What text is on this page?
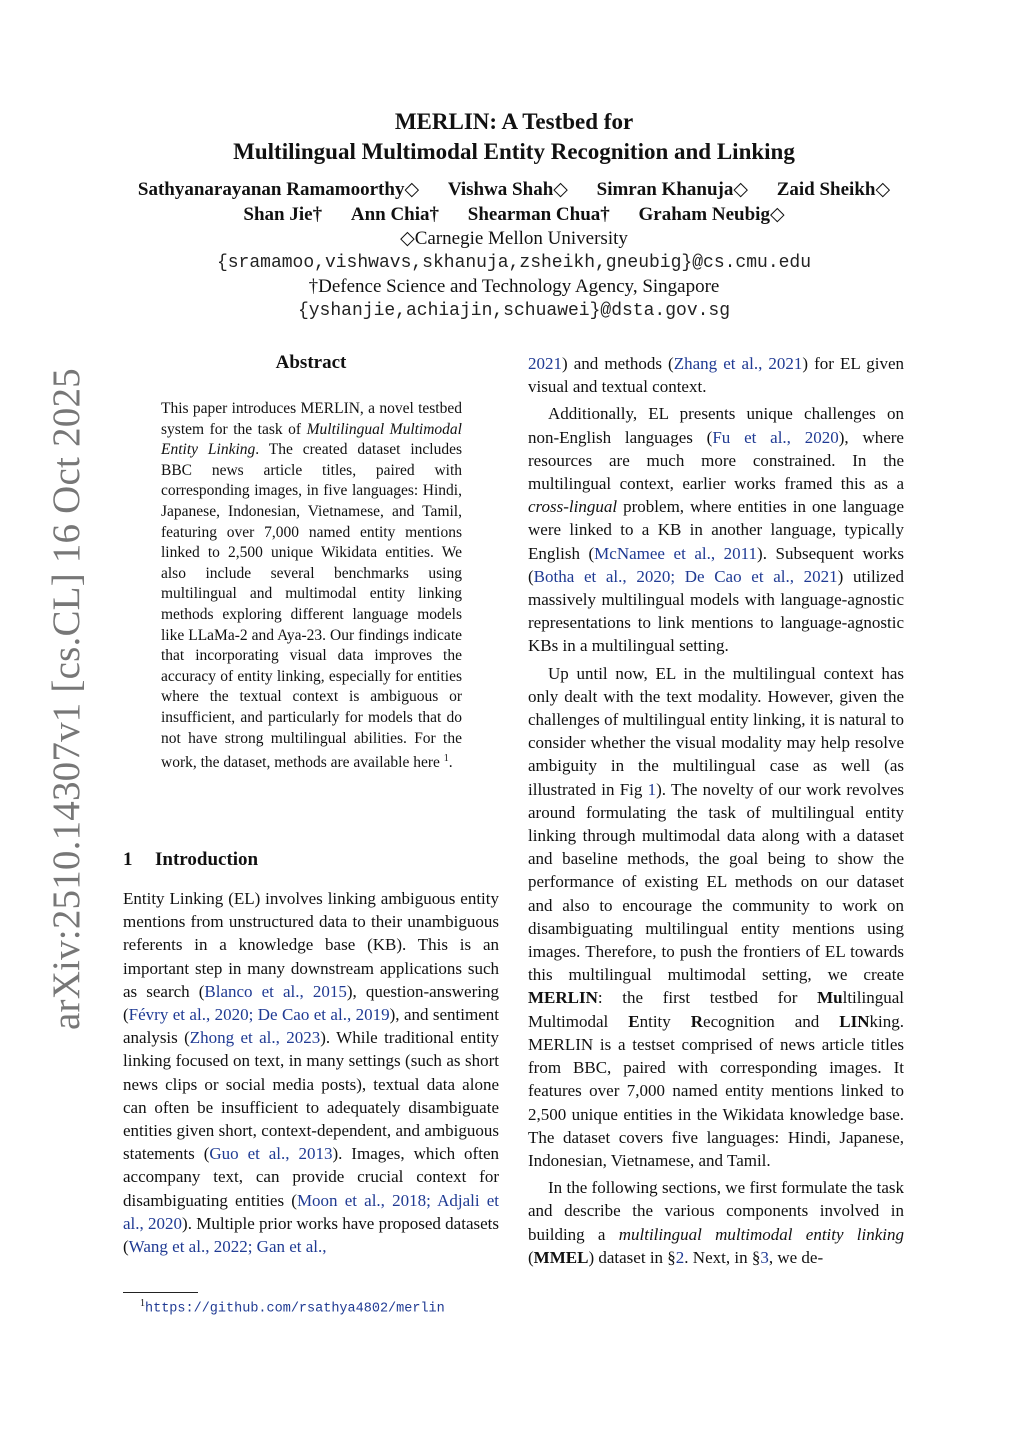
arXiv:2510.14307v1 [cs.CL] 16 Oct 2025
MERLIN: A Testbed for
Multilingual Multimodal Entity Recognition and Linking
Sathyanarayanan Ramamoorthy◇ Vishwa Shah◇ Simran Khanuja◇ Zaid Sheikh◇
Shan Jie† Ann Chia† Shearman Chua† Graham Neubig◇
◇Carnegie Mellon University
{sramamoo,vishwavs,skhanuja,zsheikh,gneubig}@cs.cmu.edu
†Defence Science and Technology Agency, Singapore
{yshanjie,achiajin,schuawei}@dsta.gov.sg
Abstract
This paper introduces MERLIN, a novel testbed system for the task of Multilingual Multimodal Entity Linking. The created dataset includes BBC news article titles, paired with corresponding images, in five languages: Hindi, Japanese, Indonesian, Vietnamese, and Tamil, featuring over 7,000 named entity mentions linked to 2,500 unique Wikidata entities. We also include several benchmarks using multilingual and multimodal entity linking methods exploring different language models like LLaMa-2 and Aya-23. Our findings indicate that incorporating visual data improves the accuracy of entity linking, especially for entities where the textual context is ambiguous or insufficient, and particularly for models that do not have strong multilingual abilities. For the work, the dataset, methods are available here $^1$.
1 Introduction
Entity Linking (EL) involves linking ambiguous entity mentions from unstructured data to their unambiguous referents in a knowledge base (KB). This is an important step in many downstream applications such as search (Blanco et al., 2015), question-answering (Févry et al., 2020; De Cao et al., 2019), and sentiment analysis (Zhong et al., 2023). While traditional entity linking focused on text, in many settings (such as short news clips or social media posts), textual data alone can often be insufficient to adequately disambiguate entities given short, context-dependent, and ambiguous statements (Guo et al., 2013). Images, which often accompany text, can provide crucial context for disambiguating entities (Moon et al., 2018; Adjali et al., 2020). Multiple prior works have proposed datasets (Wang et al., 2022; Gan et al.,
$^1$https://github.com/rsathya4802/merlin
2021) and methods (Zhang et al., 2021) for EL given visual and textual context.
Additionally, EL presents unique challenges on non-English languages (Fu et al., 2020), where resources are much more constrained. In the multilingual context, earlier works framed this as a cross-lingual problem, where entities in one language were linked to a KB in another language, typically English (McNamee et al., 2011). Subsequent works (Botha et al., 2020; De Cao et al., 2021) utilized massively multilingual models with language-agnostic representations to link mentions to language-agnostic KBs in a multilingual setting.
Up until now, EL in the multilingual context has only dealt with the text modality. However, given the challenges of multilingual entity linking, it is natural to consider whether the visual modality may help resolve ambiguity in the multilingual case as well (as illustrated in Fig 1). The novelty of our work revolves around formulating the task of multilingual entity linking through multimodal data along with a dataset and baseline methods, the goal being to show the performance of existing EL methods on our dataset and also to encourage the community to work on disambiguating multilingual entity mentions using images. Therefore, to push the frontiers of EL towards this multilingual multimodal setting, we create MERLIN: the first testbed for Multilingual Multimodal Entity Recognition and LINking. MERLIN is a testset comprised of news article titles from BBC, paired with corresponding images. It features over 7,000 named entity mentions linked to 2,500 unique entities in the Wikidata knowledge base. The dataset covers five languages: Hindi, Japanese, Indonesian, Vietnamese, and Tamil.
In the following sections, we first formulate the task and describe the various components involved in building a multilingual multimodal entity linking (MMEL) dataset in §2. Next, in §3, we de-
